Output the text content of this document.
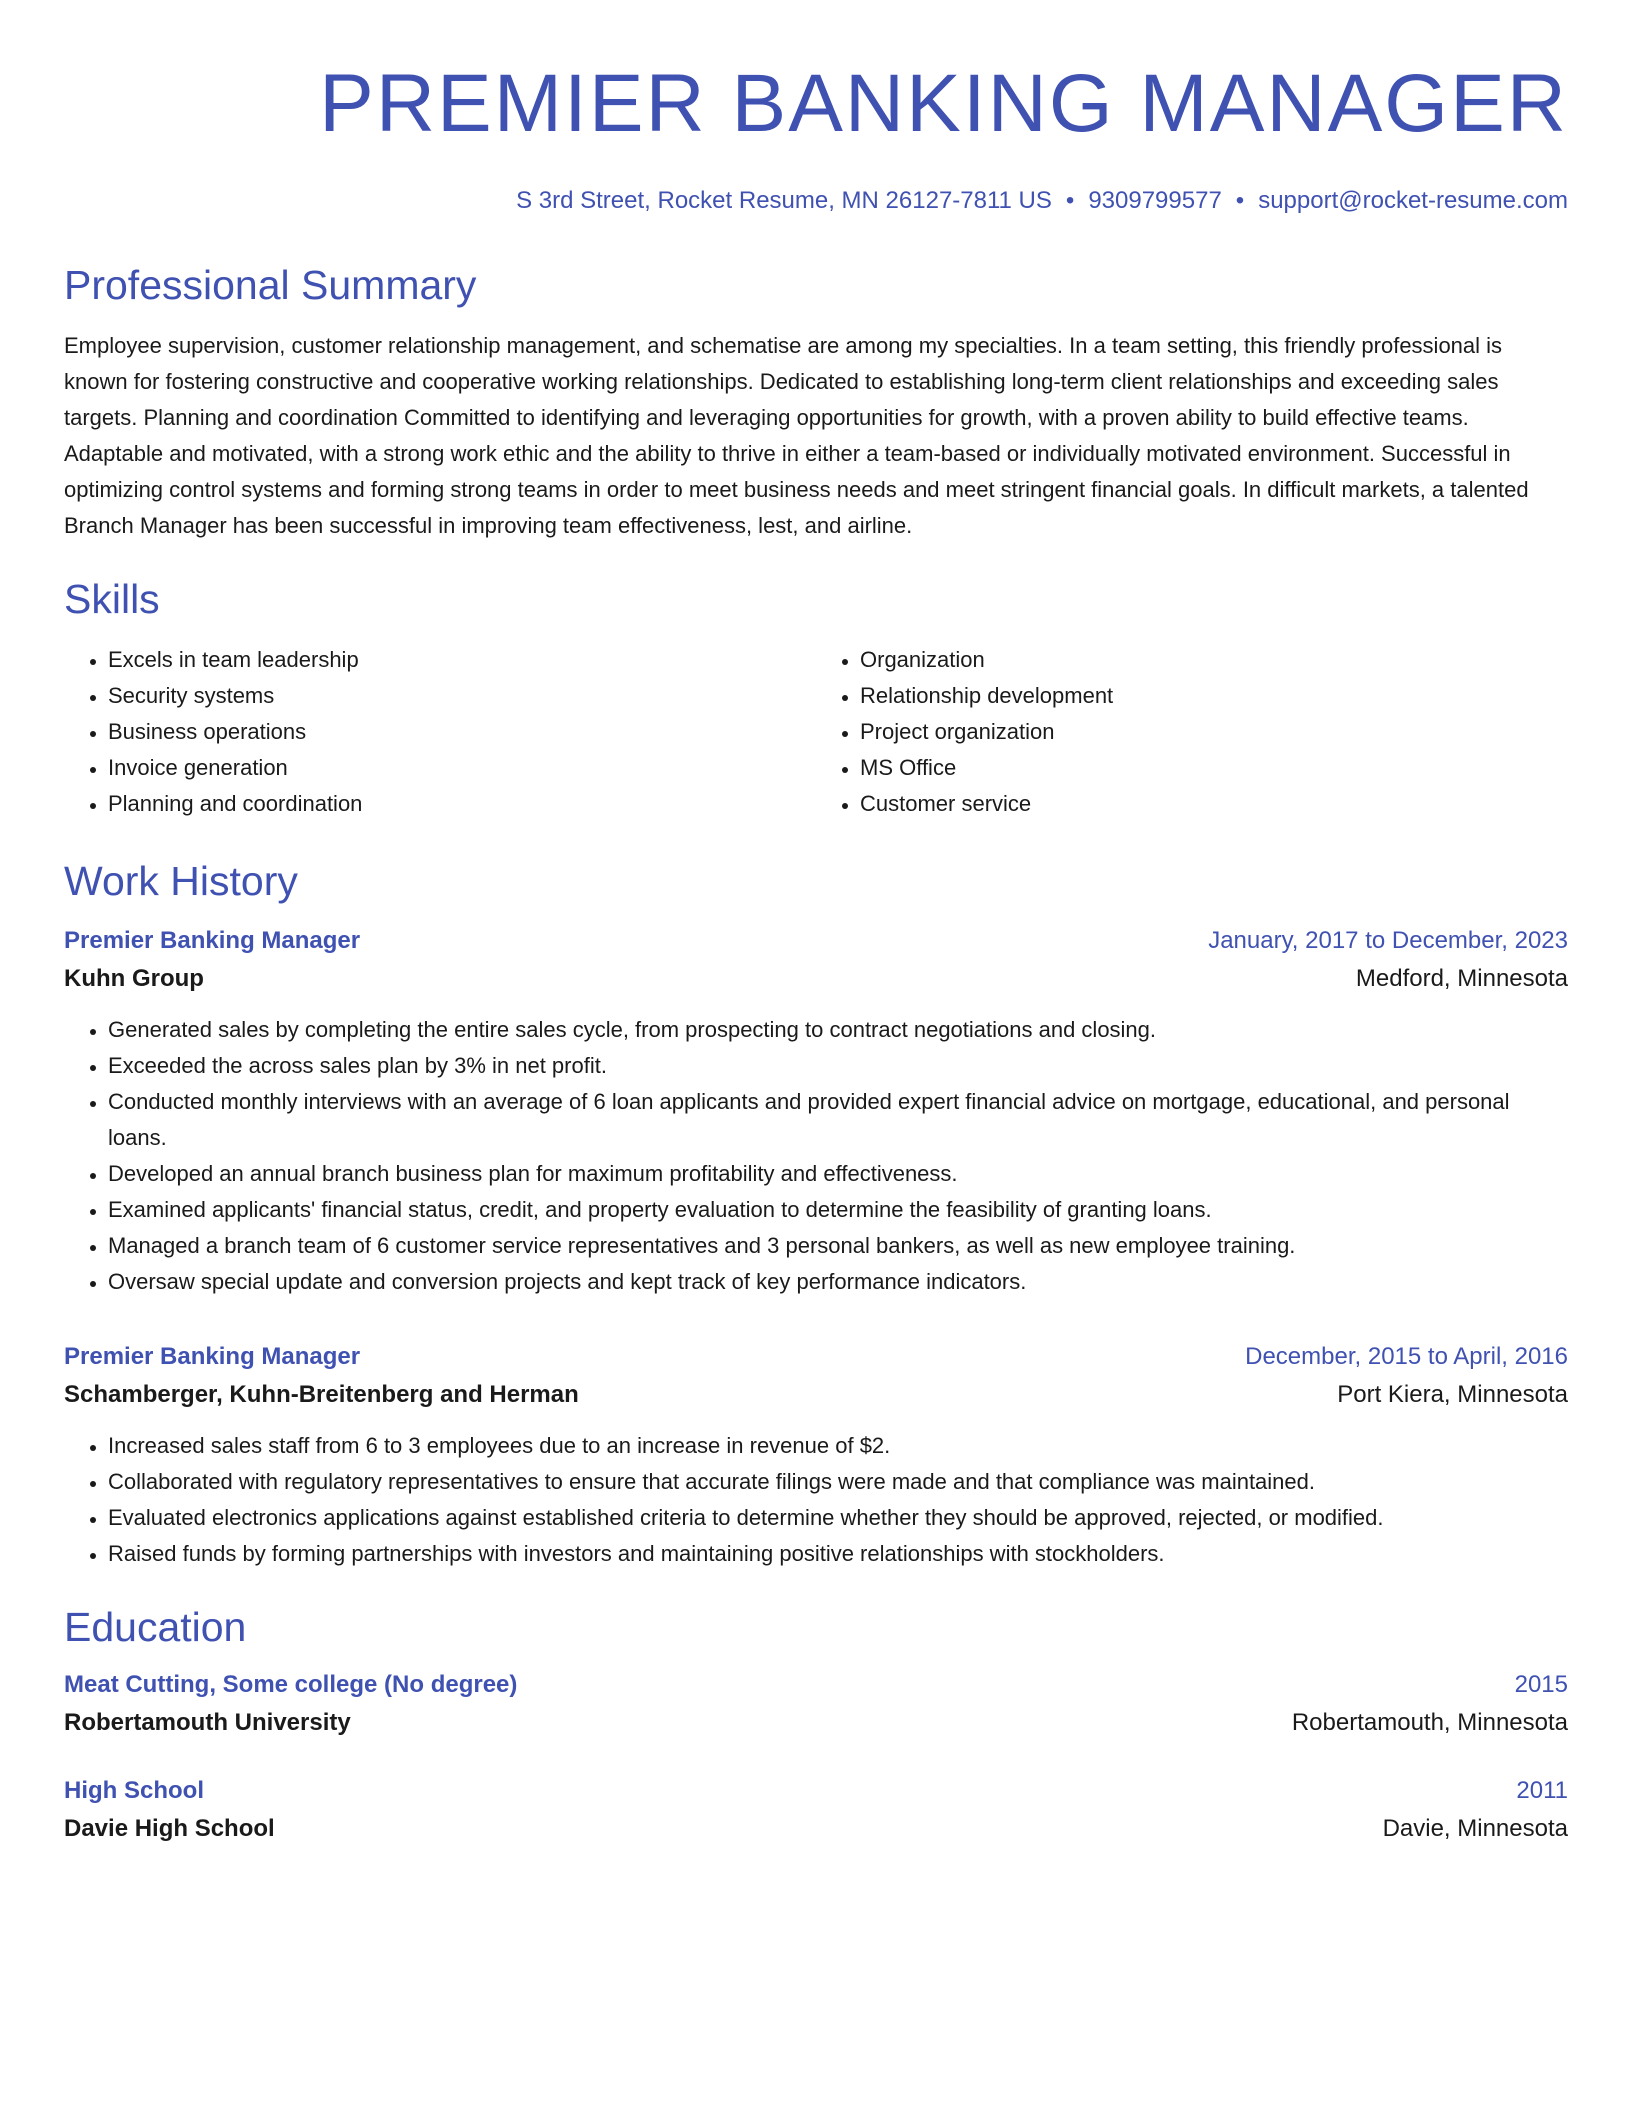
PREMIER BANKING MANAGER
S 3rd Street, Rocket Resume, MN 26127-7811 US • 9309799577 • support@rocket-resume.com
Professional Summary

Employee supervision, customer relationship management, and schematise are among my specialties. In a team setting, this friendly professional is known for fostering constructive and cooperative working relationships. Dedicated to establishing long-term client relationships and exceeding sales targets. Planning and coordination Committed to identifying and leveraging opportunities for growth, with a proven ability to build effective teams. Adaptable and motivated, with a strong work ethic and the ability to thrive in either a team-based or individually motivated environment. Successful in optimizing control systems and forming strong teams in order to meet business needs and meet stringent financial goals. In difficult markets, a talented Branch Manager has been successful in improving team effectiveness, lest, and airline.

Skills
• Excels in team leadership
• Security systems
• Business operations
• Invoice generation
• Planning and coordination
• Organization
• Relationship development
• Project organization
• MS Office
• Customer service
Work History
Premier Banking Manager	January, 2017 to December, 2023
Kuhn Group	Medford, Minnesota
• Generated sales by completing the entire sales cycle, from prospecting to contract negotiations and closing.
• Exceeded the across sales plan by 3% in net profit.
• Conducted monthly interviews with an average of 6 loan applicants and provided expert financial advice on mortgage, educational, and personal loans.
• Developed an annual branch business plan for maximum profitability and effectiveness.
• Examined applicants' financial status, credit, and property evaluation to determine the feasibility of granting loans.
• Managed a branch team of 6 customer service representatives and 3 personal bankers, as well as new employee training.
• Oversaw special update and conversion projects and kept track of key performance indicators.
Premier Banking Manager	December, 2015 to April, 2016
Schamberger, Kuhn-Breitenberg and Herman	Port Kiera, Minnesota
• Increased sales staff from 6 to 3 employees due to an increase in revenue of $2.
• Collaborated with regulatory representatives to ensure that accurate filings were made and that compliance was maintained.
• Evaluated electronics applications against established criteria to determine whether they should be approved, rejected, or modified.
• Raised funds by forming partnerships with investors and maintaining positive relationships with stockholders.
Education
Meat Cutting, Some college (No degree)	2015
Robertamouth University	Robertamouth, Minnesota
High School	2011
Davie High School	Davie, Minnesota
